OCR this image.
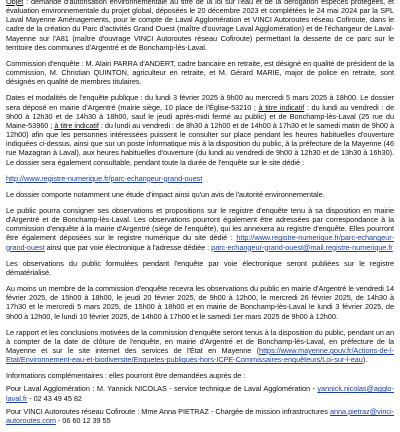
Objet : demande d'autorisation environnementale au titre de la loi sur l'eau et de la dérogation espèces protégées, et évaluation environnementale du projet global, déposées le 20 décembre 2023 et complétées le 24 mai 2024 par la SPL Laval Mayenne Aménagements, pour le compte de Laval Agglomération et VINCI Autoroutes réseau Cofiroute, dans le cadre de la création du Parc d'activités Grand Ouest (maître d'ouvrage Laval Agglomération) et de l'échangeur de Laval-Mayenne sur l'A81 (maître d'ouvrage VINCI Autoroutes réseau Cofiroute) permettant la desserte de ce parc sur le territoire des communes d'Argentré et de Bonchamp-lès-Laval.

Commission d'enquête : M. Alain PARRA d'ANDERT, cadre bancaire en retraite, est désigné en qualité de président de la commission, M. Christian QUINTON, agriculteur en retraite, et M. Gérard MARIE, major de police en retraite, sont désignés en qualité de membres titulaires.

Dates et modalités de l'enquête publique : du lundi 3 février 2025 à 9h00 au mercredi 5 mars 2025 à 18h00. Le dossier sera déposé en mairie d'Argentré (mairie siège, 10 place de l'Église-53210 ; à titre indicatif : du lundi au vendredi : de 9h00 à 12h30 et de 14h30 à 18h00, sauf le jeudi après-midi fermé au public) et de Bonchamp-lès-Laval (25 rue du Maine-53960 ; à titre indicatif : du lundi au vendredi : de 8h30 à 12h00 et de 14h00 à 17h30 et le samedi matin de 9h00 à 12h00) afin que les personnes intéressées puissent le consulter sur place pendant les heures habituelles d'ouverture indiquées ci-dessus, ainsi que sur un poste informatique mis à la disposition du public, à la préfecture de la Mayenne (46 rue Mazagran à Laval), aux heures habituelles d'ouverture (du lundi au vendredi de 9h00 à 12h30 et de 13h30 à 16h30). Le dossier sera également consultable, pendant toute la durée de l'enquête sur le site dédié :

http://www.registre-numerique.fr/parc-echangeur-grand-ouest

Le dossier comporte notamment une étude d'impact ainsi qu'un avis de l'autorité environnementale.

Le public pourra consigner ses observations et propositions sur le registre d'enquête tenu à sa disposition en mairie d'Argentré et de Bonchamp-lès-Laval. Les observations pourront également être adressées par correspondance à la commission d'enquête à la mairie d'Argentré (siège de l'enquête), qui les annexera au registre d'enquête. Elles pourront être également déposées sur le registre numérique du site dédié : http://www.registre-numerique.fr/parc-echangeur-grand-ouest ainsi que par voie électronique à l'adresse dédiée : parc-echangeur-grand-ouest@mail.registre-numerique.fr

Les observations du public formulées pendant l'enquête par voie électronique seront publiées sur le registre dématérialisé.

Au moins un membre de la commission d'enquête recevra les observations du public en mairie d'Argentré le vendredi 14 février 2025, de 15h00 à 18h00, le jeudi 20 février 2025, de 9h00 à 12h00, le mercredi 26 février 2025, de 14h30 à 17h30 et le mercredi 5 mars 2025, de 15h00 à 18h00 et en mairie de Bonchamp-lès-Laval le lundi 3 février 2025, de 9h00 à 12h00, le lundi 10 février 2025, de 14h00 à 17h00 et le samedi 1er mars 2025 de 9h00 à 12h00.

Le rapport et les conclusions motivées de la commission d'enquête seront tenus à la disposition du public, pendant un an à compter de la date de clôture de l'enquête, en mairie d'Argentré et de Bonchamp-lès-Laval, en préfecture de la Mayenne et sur le site internet des services de l'État en Mayenne (https://www.mayenne.gouv.fr/Actions-de-l-Etat/Environnement-eau-et-biodiversite/Enquetes-publiques-hors-ICPE-Commissaires-enquêteurs/Loi-sur-l-eau).

Informations complémentaires : elles pourront être demandées auprès de :

Pour Laval Agglomération : M. Yannick NICOLAS - service technique de Laval Agglomération - yannick.nicolas@agglo-laval.fr - 02 43 49 45 82

Pour VINCI Autoroutes réseau Cofiroute : Mme Anna PIETRAZ - Chargée de mission infrastructures anna.pietraz@vinci-autoroutes.com - 06 60 12 39 55
